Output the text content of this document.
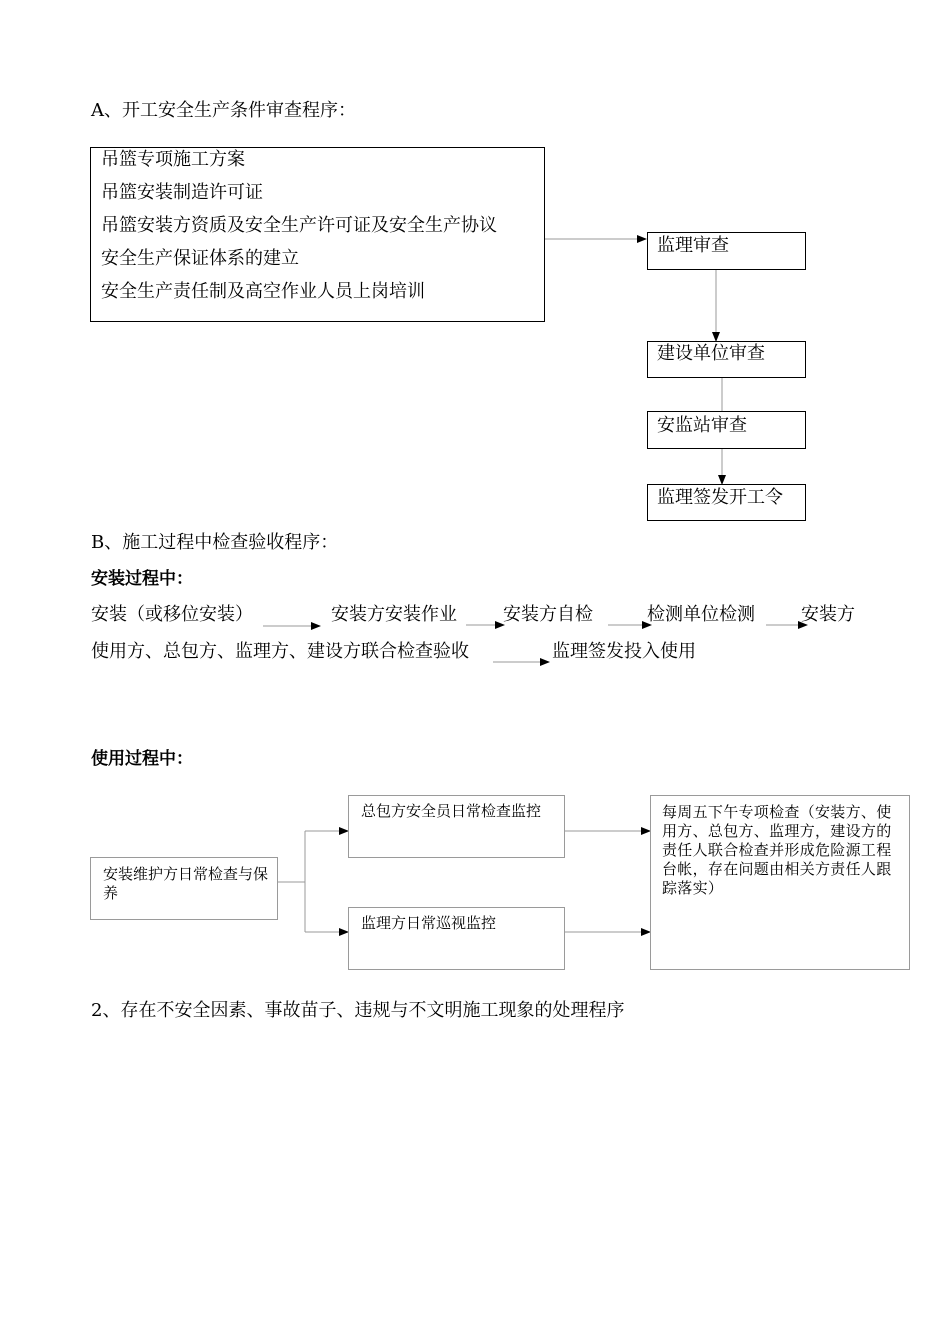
A、开工安全生产条件审查程序：
吊篮专项施工方案
吊篮安装制造许可证
吊篮安装方资质及安全生产许可证及安全生产协议
安全生产保证体系的建立
安全生产责任制及高空作业人员上岗培训
监理审查
建设单位审查
安监站审查
监理签发开工令
B、施工过程中检查验收程序：
安装过程中：
安装（或移位安装）	安装方安装作业	安装方自检	检测单位检测	安装方
使用方、总包方、监理方、建设方联合检查验收	监理签发投入使用
使用过程中：
安装维护方日常检查与保养
总包方安全员日常检查监控
监理方日常巡视监控
每周五下午专项检查（安装方、使用方、总包方、监理方，建设方的责任人联合检查并形成危险源工程台帐，存在问题由相关方责任人跟踪落实）
2、存在不安全因素、事故苗子、违规与不文明施工现象的处理程序
